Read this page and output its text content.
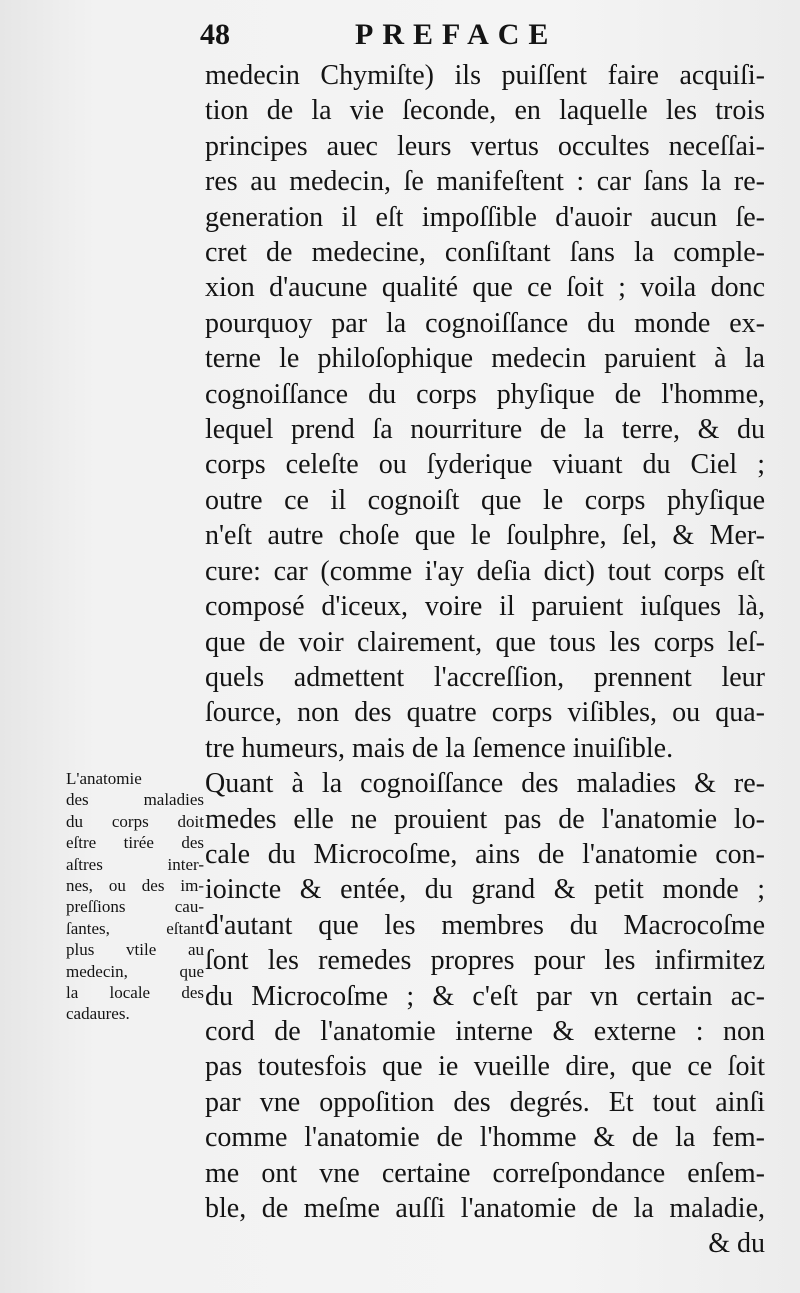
48	PREFACE
medecin Chymiſte) ils puiſſent faire acquiſi-
tion de la vie ſeconde, en laquelle les trois
principes auec leurs vertus occultes neceſſai-
res au medecin, ſe manifeſtent : car ſans la re-
generation il eſt impoſſible d'auoir aucun ſe-
cret de medecine, conſiſtant ſans la comple-
xion d'aucune qualité que ce ſoit ; voila donc
pourquoy par la cognoiſſance du monde ex-
terne le philoſophique medecin paruient à la
cognoiſſance du corps phyſique de l'homme,
lequel prend ſa nourriture de la terre, & du
corps celeſte ou ſyderique viuant du Ciel ;
outre ce il cognoiſt que le corps phyſique
n'eſt autre choſe que le ſoulphre, ſel, & Mer-
cure: car (comme i'ay deſia dict) tout corps eſt
composé d'iceux, voire il paruient iuſques là,
que de voir clairement, que tous les corps leſ-
quels admettent l'accreſſion, prennent leur
ſource, non des quatre corps viſibles, ou qua-
tre humeurs, mais de la ſemence inuiſible.
Quant à la cognoiſſance des maladies & re-
medes elle ne prouient pas de l'anatomie lo-
cale du Microcoſme, ains de l'anatomie con-
ioincte & entée, du grand & petit monde ;
d'autant que les membres du Macrocoſme
ſont les remedes propres pour les infirmitez
du Microcoſme ; & c'eſt par vn certain ac-
cord de l'anatomie interne & externe : non
pas toutesfois que ie vueille dire, que ce ſoit
par vne oppoſition des degrés. Et tout ainſi
comme l'anatomie de l'homme & de la fem-
me ont vne certaine correſpondance enſem-
ble, de meſme auſſi l'anatomie de la maladie,
& du
L'anatomie
des maladies
du corps doit
eſtre tirée des
aſtres inter-
nes, ou des im-
preſſions cau-
ſantes, eſtant
plus vtile au
medecin, que
la locale des
cadaures.
